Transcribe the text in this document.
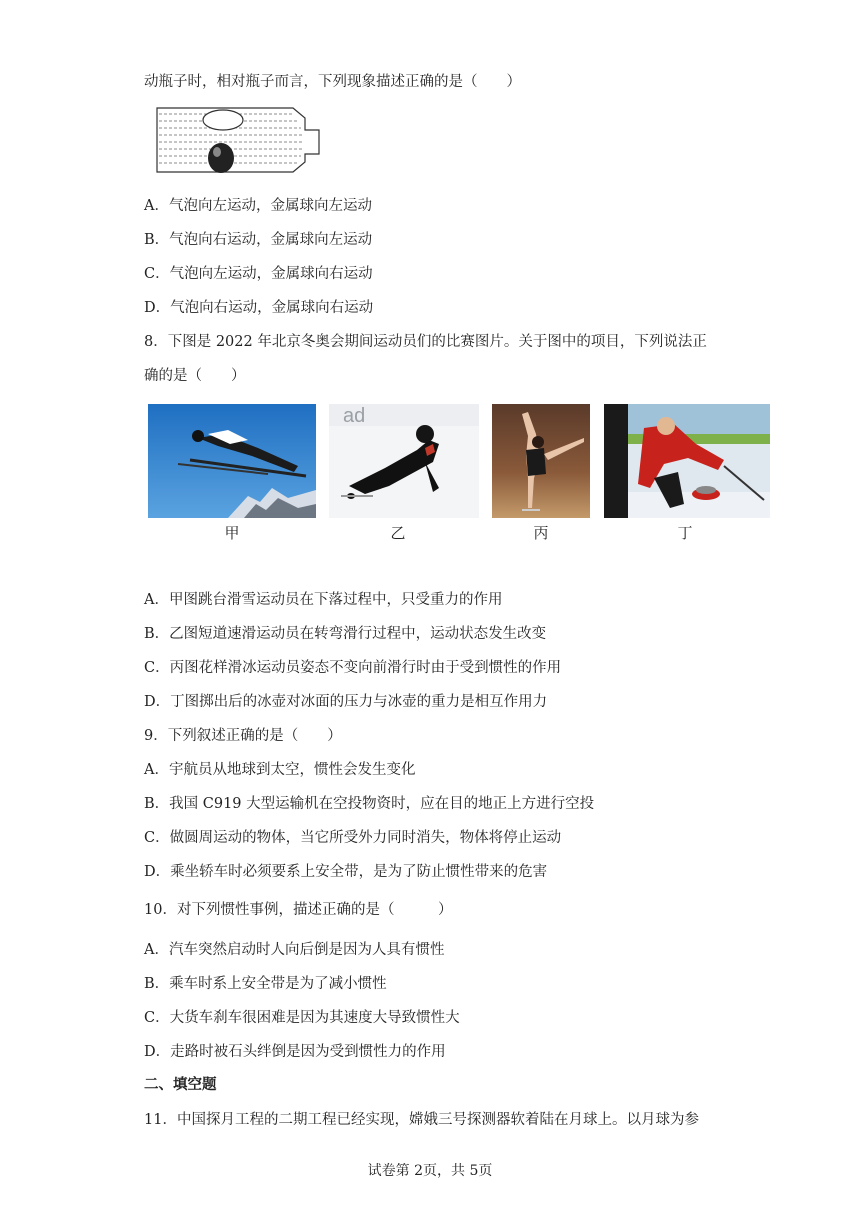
动瓶子时，相对瓶子而言，下列现象描述正确的是（　　）
A．气泡向左运动，金属球向左运动
B．气泡向右运动，金属球向左运动
C．气泡向左运动，金属球向右运动
D．气泡向右运动，金属球向右运动
8．下图是 2022 年北京冬奥会期间运动员们的比赛图片。关于图中的项目，下列说法正
确的是（　　）
ad
甲	乙	丙	丁
A．甲图跳台滑雪运动员在下落过程中，只受重力的作用
B．乙图短道速滑运动员在转弯滑行过程中，运动状态发生改变
C．丙图花样滑冰运动员姿态不变向前滑行时由于受到惯性的作用
D．丁图掷出后的冰壶对冰面的压力与冰壶的重力是相互作用力
9．下列叙述正确的是（　　）
A．宇航员从地球到太空，惯性会发生变化
B．我国 C919 大型运输机在空投物资时，应在目的地正上方进行空投
C．做圆周运动的物体，当它所受外力同时消失，物体将停止运动
D．乘坐轿车时必须要系上安全带，是为了防止惯性带来的危害
10．对下列惯性事例，描述正确的是（　　　）
A．汽车突然启动时人向后倒是因为人具有惯性
B．乘车时系上安全带是为了减小惯性
C．大货车刹车很困难是因为其速度大导致惯性大
D．走路时被石头绊倒是因为受到惯性力的作用
二、填空题
11．中国探月工程的二期工程已经实现，嫦娥三号探测器软着陆在月球上。以月球为参
试卷第 2页，共 5页
